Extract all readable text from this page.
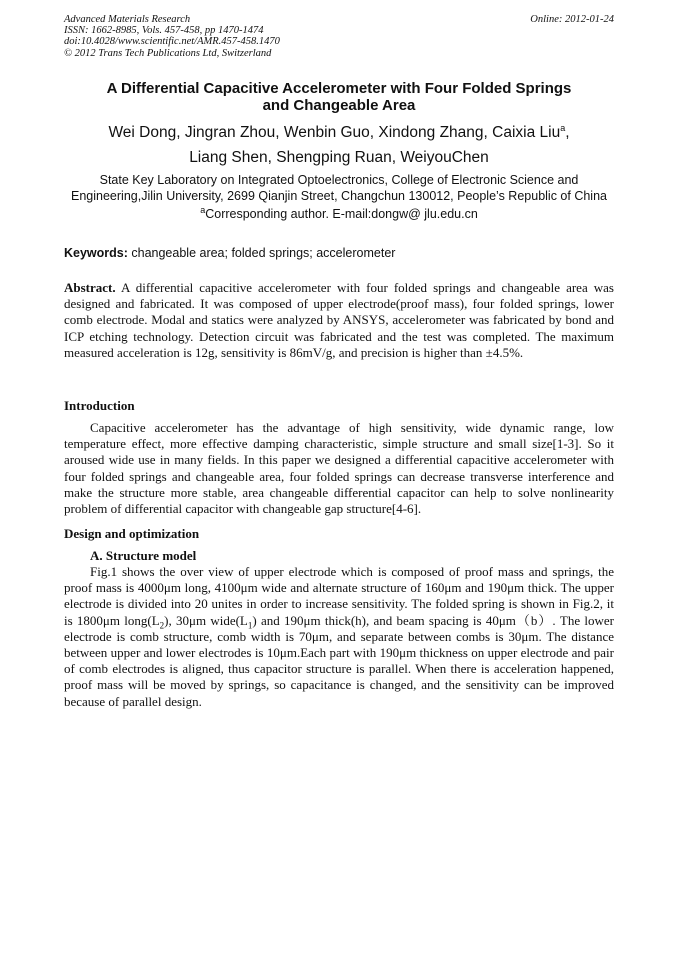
Advanced Materials Research
ISSN: 1662-8985, Vols. 457-458, pp 1470-1474
doi:10.4028/www.scientific.net/AMR.457-458.1470
© 2012 Trans Tech Publications Ltd, Switzerland
Online: 2012-01-24
A Differential Capacitive Accelerometer with Four Folded Springs
and Changeable Area
Wei Dong, Jingran Zhou, Wenbin Guo, Xindong Zhang, Caixia Liu$^a$,
Liang Shen, Shengping Ruan, WeiyouChen
State Key Laboratory on Integrated Optoelectronics, College of Electronic Science and
Engineering,Jilin University, 2699 Qianjin Street, Changchun 130012, People’s Republic of China
$^a$Corresponding author. E-mail:dongw@ jlu.edu.cn
Keywords: changeable area; folded springs; accelerometer
Abstract. A differential capacitive accelerometer with four folded springs and changeable area was designed and fabricated. It was composed of upper electrode(proof mass), four folded springs, lower comb electrode. Modal and statics were analyzed by ANSYS, accelerometer was fabricated by bond and ICP etching technology. Detection circuit was fabricated and the test was completed. The maximum measured acceleration is 12g, sensitivity is 86mV/g, and precision is higher than ±4.5%.
Introduction
Capacitive accelerometer has the advantage of high sensitivity, wide dynamic range, low temperature effect, more effective damping characteristic, simple structure and small size[1-3]. So it aroused wide use in many fields. In this paper we designed a differential capacitive accelerometer with four folded springs and changeable area, four folded springs can decrease transverse interference and make the structure more stable, area changeable differential capacitor can help to solve nonlinearity problem of differential capacitor with changeable gap structure[4-6].
Design and optimization
A. Structure model
Fig.1 shows the over view of upper electrode which is composed of proof mass and springs, the proof mass is 4000μm long, 4100μm wide and alternate structure of 160μm and 190μm thick. The upper electrode is divided into 20 unites in order to increase sensitivity. The folded spring is shown in Fig.2, it is 1800μm $long(L_2)$, 30μm $wide(L_1)$ and 190μm thick(h), and beam spacing is 40μm（b）. The lower electrode is comb structure, comb width is 70μm, and separate between combs is 30μm. The distance between upper and lower electrodes is 10μm.Each part with 190μm thickness on upper electrode and pair of comb electrodes is aligned, thus capacitor structure is parallel. When there is acceleration happened, proof mass will be moved by springs, so capacitance is changed, and the sensitivity can be improved because of parallel design.
